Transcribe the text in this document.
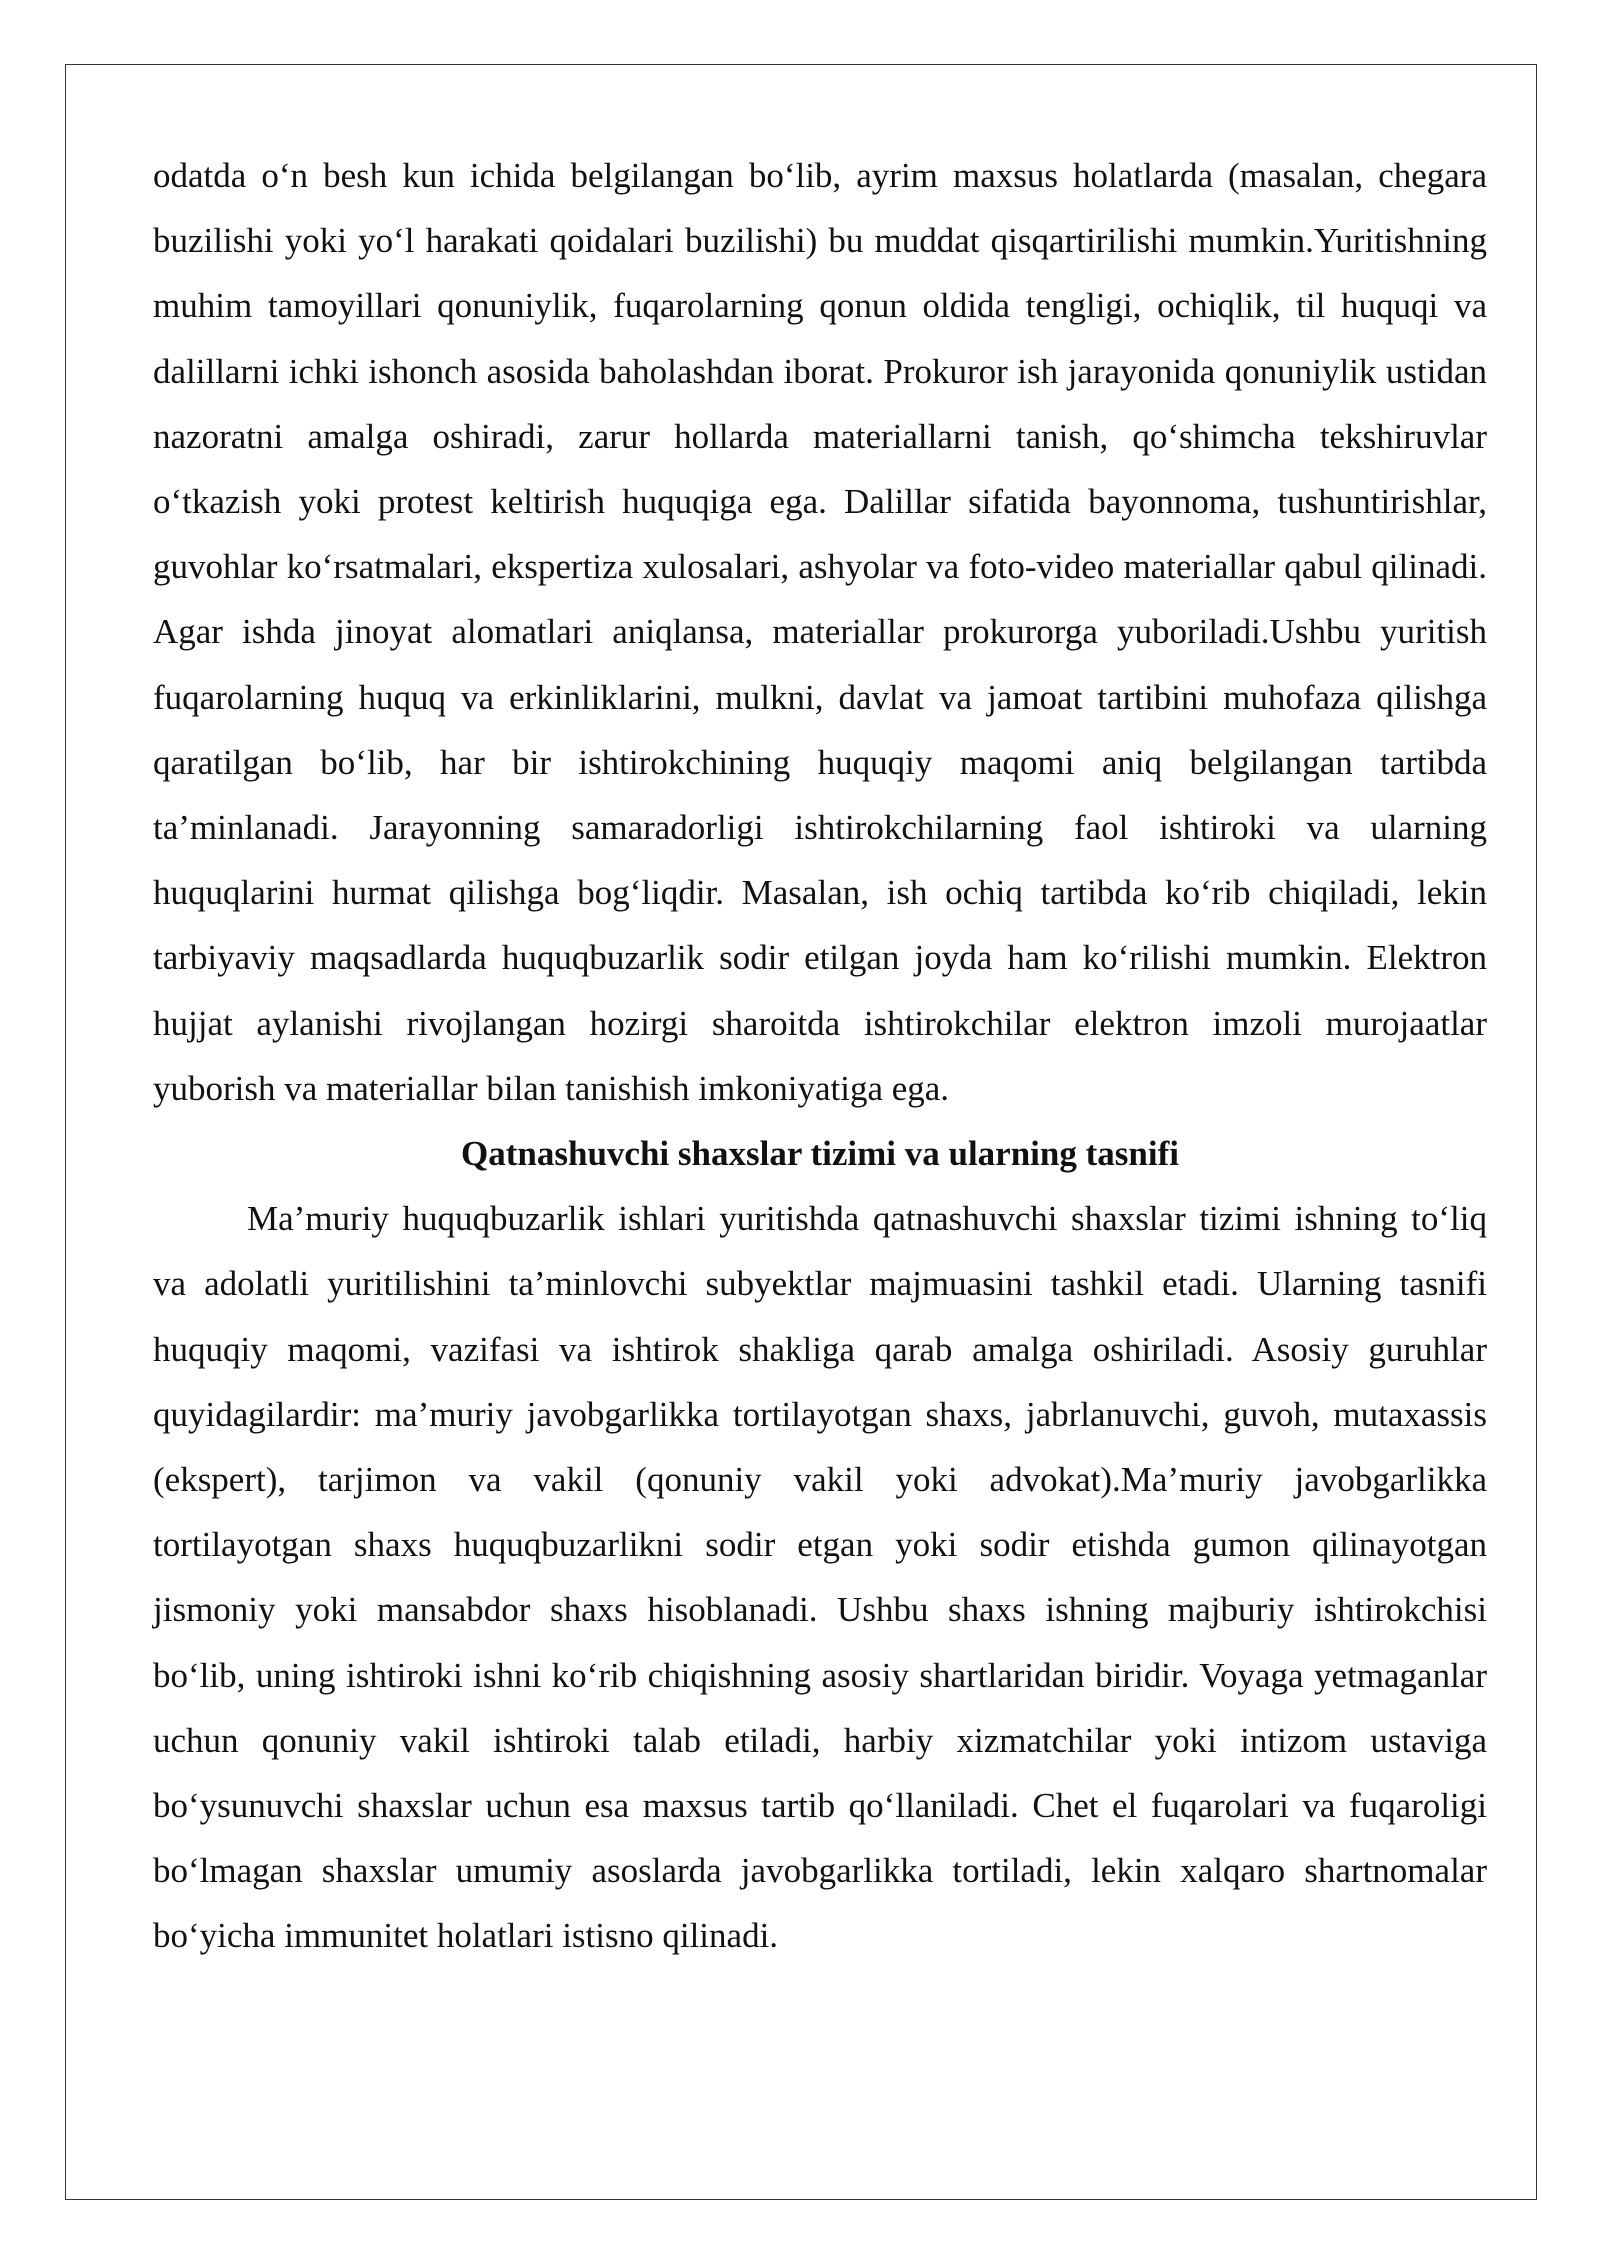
odatda o‘n besh kun ichida belgilangan bo‘lib, ayrim maxsus holatlarda (masalan, chegara buzilishi yoki yo‘l harakati qoidalari buzilishi) bu muddat qisqartirilishi mumkin.Yuritishning muhim tamoyillari qonuniylik, fuqarolarning qonun oldida tengligi, ochiqlik, til huquqi va dalillarni ichki ishonch asosida baholashdan iborat. Prokuror ish jarayonida qonuniylik ustidan nazoratni amalga oshiradi, zarur hollarda materiallarni tanish, qo‘shimcha tekshiruvlar o‘tkazish yoki protest keltirish huquqiga ega. Dalillar sifatida bayonnoma, tushuntirishlar, guvohlar ko‘rsatmalari, ekspertiza xulosalari, ashyolar va foto-video materiallar qabul qilinadi. Agar ishda jinoyat alomatlari aniqlansa, materiallar prokurorga yuboriladi.Ushbu yuritish fuqarolarning huquq va erkinliklarini, mulkni, davlat va jamoat tartibini muhofaza qilishga qaratilgan bo‘lib, har bir ishtirokchining huquqiy maqomi aniq belgilangan tartibda ta’minlanadi. Jarayonning samaradorligi ishtirokchilarning faol ishtiroki va ularning huquqlarini hurmat qilishga bog‘liqdir. Masalan, ish ochiq tartibda ko‘rib chiqiladi, lekin tarbiyaviy maqsadlarda huquqbuzarlik sodir etilgan joyda ham ko‘rilishi mumkin. Elektron hujjat aylanishi rivojlangan hozirgi sharoitda ishtirokchilar elektron imzoli murojaatlar yuborish va materiallar bilan tanishish imkoniyatiga ega.

Qatnashuvchi shaxslar tizimi va ularning tasnifi

Ma’muriy huquqbuzarlik ishlari yuritishda qatnashuvchi shaxslar tizimi ishning to‘liq va adolatli yuritilishini ta’minlovchi subyektlar majmuasini tashkil etadi. Ularning tasnifi huquqiy maqomi, vazifasi va ishtirok shakliga qarab amalga oshiriladi. Asosiy guruhlar quyidagilardir: ma’muriy javobgarlikka tortilayotgan shaxs, jabrlanuvchi, guvoh, mutaxassis (ekspert), tarjimon va vakil (qonuniy vakil yoki advokat).Ma’muriy javobgarlikka tortilayotgan shaxs huquqbuzarlikni sodir etgan yoki sodir etishda gumon qilinayotgan jismoniy yoki mansabdor shaxs hisoblanadi. Ushbu shaxs ishning majburiy ishtirokchisi bo‘lib, uning ishtiroki ishni ko‘rib chiqishning asosiy shartlaridan biridir. Voyaga yetmaganlar uchun qonuniy vakil ishtiroki talab etiladi, harbiy xizmatchilar yoki intizom ustaviga bo‘ysunuvchi shaxslar uchun esa maxsus tartib qo‘llaniladi. Chet el fuqarolari va fuqaroligi bo‘lmagan shaxslar umumiy asoslarda javobgarlikka tortiladi, lekin xalqaro shartnomalar bo‘yicha immunitet holatlari istisno qilinadi.
